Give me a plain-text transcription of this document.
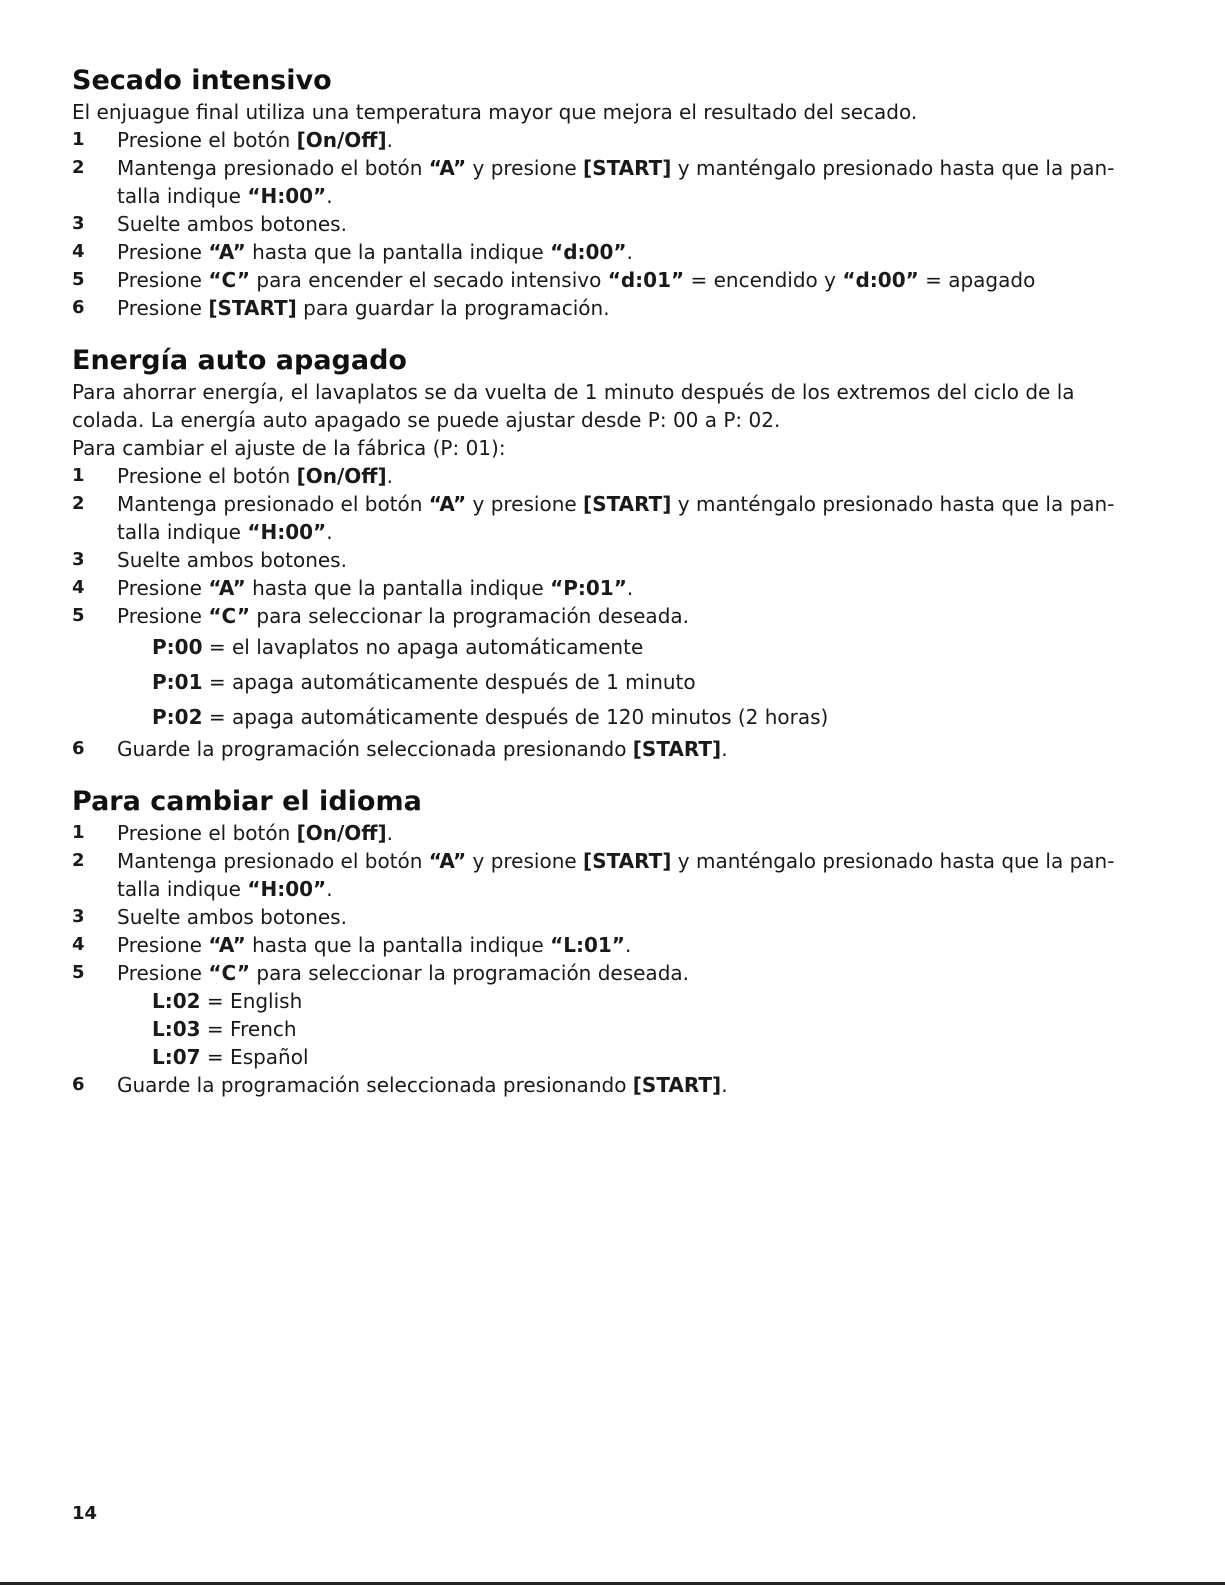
Secado intensivo

El enjuague final utiliza una temperatura mayor que mejora el resultado del secado.

1 Presione el botón [On/Off].
2 Mantenga presionado el botón “A” y presione [START] y manténgalo presionado hasta que la pan-talla indique “H:00”.
3 Suelte ambos botones.
4 Presione “A” hasta que la pantalla indique “d:00”.
5 Presione “C” para encender el secado intensivo “d:01” = encendido y “d:00” = apagado
6 Presione [START] para guardar la programación.
Energía auto apagado

Para ahorrar energía, el lavaplatos se da vuelta de 1 minuto después de los extremos del ciclo de la colada. La energía auto apagado se puede ajustar desde P: 00 a P: 02.

Para cambiar el ajuste de la fábrica (P: 01):

1 Presione el botón [On/Off].
2 Mantenga presionado el botón “A” y presione [START] y manténgalo presionado hasta que la pan-talla indique “H:00”.
3 Suelte ambos botones.
4 Presione “A” hasta que la pantalla indique “P:01”.
5 Presione “C” para seleccionar la programación deseada.
P:00 = el lavaplatos no apaga automáticamente
P:01 = apaga automáticamente después de 1 minuto
P:02 = apaga automáticamente después de 120 minutos (2 horas)
6 Guarde la programación seleccionada presionando [START].
Para cambiar el idioma
1 Presione el botón [On/Off].
2 Mantenga presionado el botón “A” y presione [START] y manténgalo presionado hasta que la pan-talla indique “H:00”.
3 Suelte ambos botones.
4 Presione “A” hasta que la pantalla indique “L:01”.
5 Presione “C” para seleccionar la programación deseada.
L:02 = English
L:03 = French
L:07 = Español
6 Guarde la programación seleccionada presionando [START].
14
